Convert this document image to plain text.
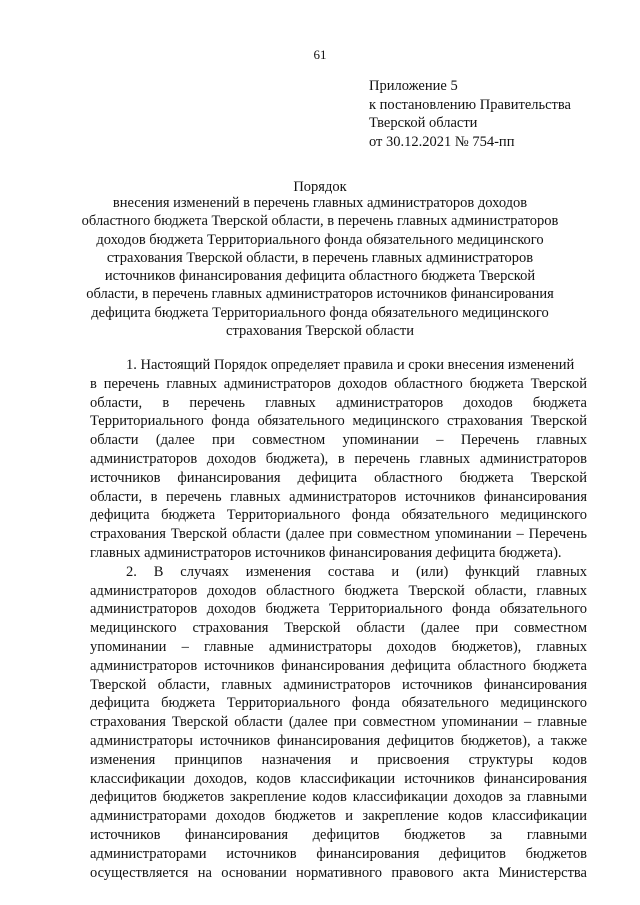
61
Приложение 5
к постановлению Правительства
Тверской области
от 30.12.2021 № 754-пп
Порядок
внесения изменений в перечень главных администраторов доходов
областного бюджета Тверской области, в перечень главных администраторов
доходов бюджета Территориального фонда обязательного медицинского
страхования Тверской области, в перечень главных администраторов
источников финансирования дефицита областного бюджета Тверской
области, в перечень главных администраторов источников финансирования
дефицита бюджета Территориального фонда обязательного медицинского
страхования Тверской области
1. Настоящий Порядок определяет правила и сроки внесения изменений
в перечень главных администраторов доходов областного бюджета Тверской
области, в перечень главных администраторов доходов бюджета
Территориального фонда обязательного медицинского страхования Тверской
области (далее при совместном упоминании – Перечень главных
администраторов доходов бюджета), в перечень главных администраторов
источников финансирования дефицита областного бюджета Тверской
области, в перечень главных администраторов источников финансирования
дефицита бюджета Территориального фонда обязательного медицинского
страхования Тверской области (далее при совместном упоминании – Перечень
главных администраторов источников финансирования дефицита бюджета).
2. В случаях изменения состава и (или) функций главных
администраторов доходов областного бюджета Тверской области, главных
администраторов доходов бюджета Территориального фонда обязательного
медицинского страхования Тверской области (далее при совместном
упоминании – главные администраторы доходов бюджетов), главных
администраторов источников финансирования дефицита областного бюджета
Тверской области, главных администраторов источников финансирования
дефицита бюджета Территориального фонда обязательного медицинского
страхования Тверской области (далее при совместном упоминании – главные
администраторы источников финансирования дефицитов бюджетов), а также
изменения принципов назначения и присвоения структуры кодов
классификации доходов, кодов классификации источников финансирования
дефицитов бюджетов закрепление кодов классификации доходов за главными
администраторами доходов бюджетов и закрепление кодов классификации
источников финансирования дефицитов бюджетов за главными
администраторами источников финансирования дефицитов бюджетов
осуществляется на основании нормативного правового акта Министерства
